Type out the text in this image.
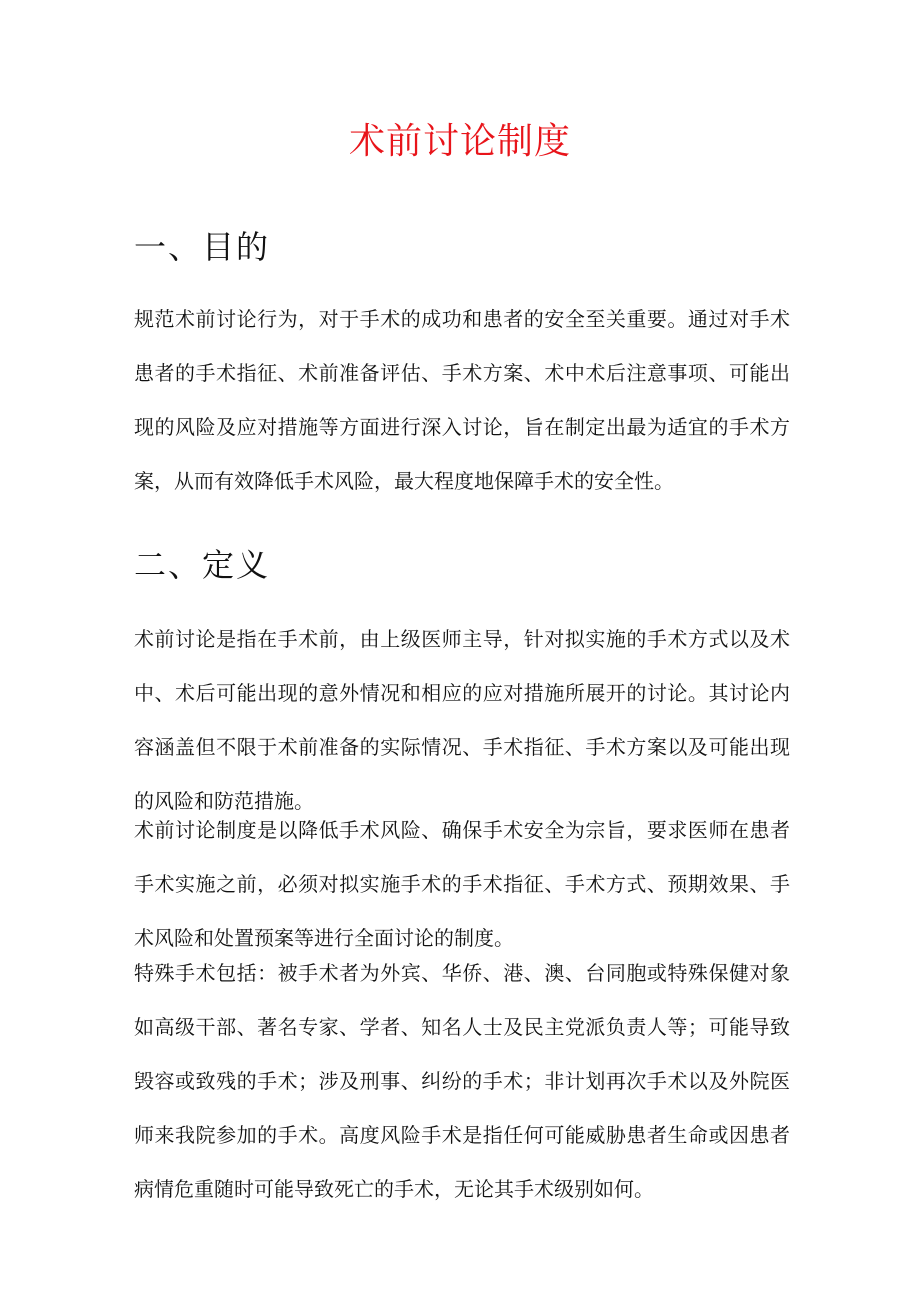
术前讨论制度
一、目的

规范术前讨论行为，对于手术的成功和患者的安全至关重要。通过对手术患者的手术指征、术前准备评估、手术方案、术中术后注意事项、可能出现的风险及应对措施等方面进行深入讨论，旨在制定出最为适宜的手术方案，从而有效降低手术风险，最大程度地保障手术的安全性。

二、定义

术前讨论是指在手术前，由上级医师主导，针对拟实施的手术方式以及术中、术后可能出现的意外情况和相应的应对措施所展开的讨论。其讨论内容涵盖但不限于术前准备的实际情况、手术指征、手术方案以及可能出现的风险和防范措施。

术前讨论制度是以降低手术风险、确保手术安全为宗旨，要求医师在患者手术实施之前，必须对拟实施手术的手术指征、手术方式、预期效果、手术风险和处置预案等进行全面讨论的制度。

特殊手术包括：被手术者为外宾、华侨、港、澳、台同胞或特殊保健对象如高级干部、著名专家、学者、知名人士及民主党派负责人等；可能导致毁容或致残的手术；涉及刑事、纠纷的手术；非计划再次手术以及外院医师来我院参加的手术。高度风险手术是指任何可能威胁患者生命或因患者病情危重随时可能导致死亡的手术，无论其手术级别如何。
